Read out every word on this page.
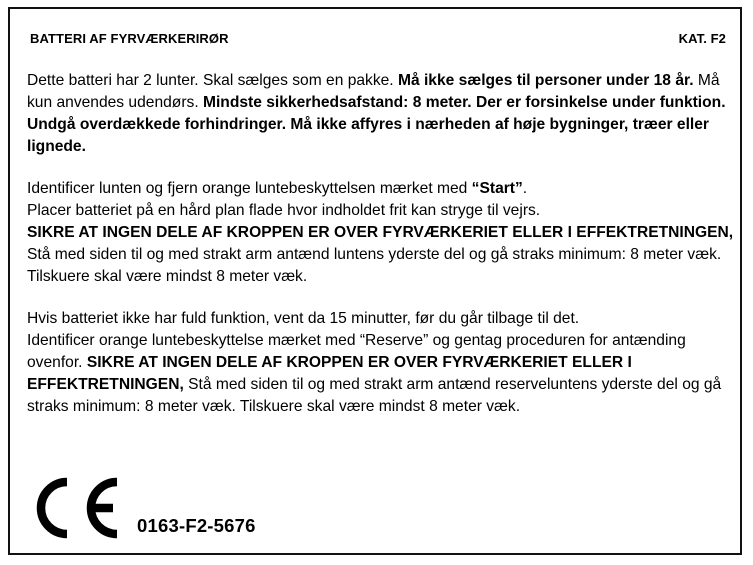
BATTERI AF FYRVÆRKERIRØR	KAT. F2

Dette batteri har 2 lunter. Skal sælges som en pakke. Må ikke sælges til personer under 18 år. Må kun anvendes udendørs. Mindste sikkerhedsafstand: 8 meter. Der er forsinkelse under funktion. Undgå overdækkede forhindringer. Må ikke affyres i nærheden af høje bygninger, træer eller lignede.

Identificer lunten og fjern orange luntebeskyttelsen mærket med “Start”.
Placer batteriet på en hård plan flade hvor indholdet frit kan stryge til vejrs.
SIKRE AT INGEN DELE AF KROPPEN ER OVER FYRVÆRKERIET ELLER I EFFEKTRETNINGEN, Stå med siden til og med strakt arm antænd luntens yderste del og gå straks minimum: 8 meter væk. Tilskuere skal være mindst 8 meter væk.

Hvis batteriet ikke har fuld funktion, vent da 15 minutter, før du går tilbage til det.
Identificer orange luntebeskyttelse mærket med “Reserve” og gentag proceduren for antænding ovenfor. SIKRE AT INGEN DELE AF KROPPEN ER OVER FYRVÆRKERIET ELLER I EFFEKTRETNINGEN, Stå med siden til og med strakt arm antænd reserveluntens yderste del og gå straks minimum: 8 meter væk. Tilskuere skal være mindst 8 meter væk.

0163-F2-5676
